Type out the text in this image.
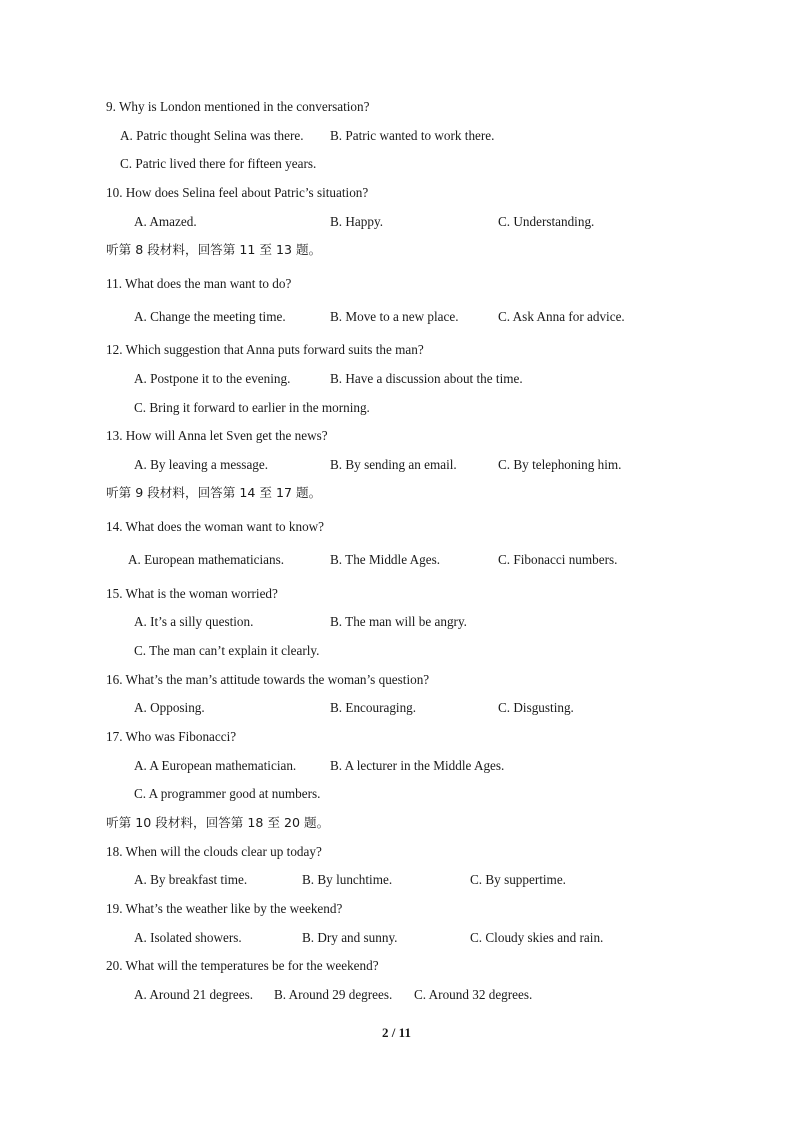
9. Why is London mentioned in the conversation?
A. Patric thought Selina was there. B. Patric wanted to work there.
C. Patric lived there for fifteen years.
10. How does Selina feel about Patric’s situation?
A. Amazed.	B. Happy.	C. Understanding.
听第 8 段材料，回答第 11 至 13 题。
11. What does the man want to do?
A. Change the meeting time.	B. Move to a new place.	C. Ask Anna for advice.
12. Which suggestion that Anna puts forward suits the man?
A. Postpone it to the evening.	B. Have a discussion about the time.
C. Bring it forward to earlier in the morning.
13. How will Anna let Sven get the news?
A. By leaving a message.	B. By sending an email.	C. By telephoning him.
听第 9 段材料，回答第 14 至 17 题。
14. What does the woman want to know?
A. European mathematicians.	B. The Middle Ages.	C. Fibonacci numbers.
15. What is the woman worried?
A. It’s a silly question.	B. The man will be angry.
C. The man can’t explain it clearly.
16. What’s the man’s attitude towards the woman’s question?
A. Opposing.	B. Encouraging.	C. Disgusting.
17. Who was Fibonacci?
A. A European mathematician.	B. A lecturer in the Middle Ages.
C. A programmer good at numbers.
听第 10 段材料，回答第 18 至 20 题。
18. When will the clouds clear up today?
A. By breakfast time.	B. By lunchtime.	C. By suppertime.
19. What’s the weather like by the weekend?
A. Isolated showers.	B. Dry and sunny.	C. Cloudy skies and rain.
20. What will the temperatures be for the weekend?
A. Around 21 degrees. B. Around 29 degrees. C. Around 32 degrees.
2 / 11
